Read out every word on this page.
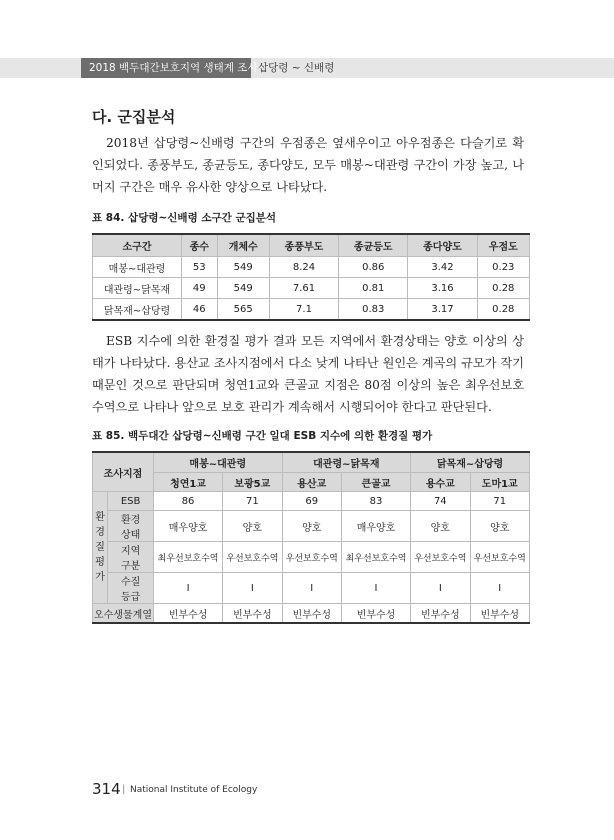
2018 백두대간보호지역 생태계 조사 삽당령 ~ 신배령
다. 군집분석
2018년 삽당령~신배령 구간의 우점종은 옆새우이고 아우점종은 다슬기로 확인되었다. 종풍부도, 종균등도, 종다양도, 모두 매봉~대관령 구간이 가장 높고, 나머지 구간은 매우 유사한 양상으로 나타났다.
표 84. 삽당령~신배령 소구간 군집분석
소구간	종수	개체수	종풍부도	종균등도	종다양도	우점도
매봉~대관령	53	549	8.24	0.86	3.42	0.23
대관령~닭목재	49	549	7.61	0.81	3.16	0.28
닭목재~삽당령	46	565	7.1	0.83	3.17	0.28
ESB 지수에 의한 환경질 평가 결과 모든 지역에서 환경상태는 양호 이상의 상태가 나타났다. 용산교 조사지점에서 다소 낮게 나타난 원인은 계곡의 규모가 작기 때문인 것으로 판단되며 청연1교와 큰골교 지점은 80점 이상의 높은 최우선보호수역으로 나타나 앞으로 보호 관리가 계속해서 시행되어야 한다고 판단된다.
표 85. 백두대간 삽당령~신배령 구간 일대 ESB 지수에 의한 환경질 평가
조사지점		매봉~대관령		대관령~닭목재		닭목재~삽당령	
		청연1교	보광5교	용산교	큰골교	용수교	도마1교
환
경
질
평
가	ESB	86	71	69	83	74	71
	환경
상태	매우양호	양호	양호	매우양호	양호	양호
	지역
구분	최우선보호수역	우선보호수역	우선보호수역	최우선보호수역	우선보호수역	우선보호수역
	수질
등급	I	I	I	I	I	I
오수생물계열		빈부수성	빈부수성	빈부수성	빈부수성	빈부수성	빈부수성
314 | National Institute of Ecology
